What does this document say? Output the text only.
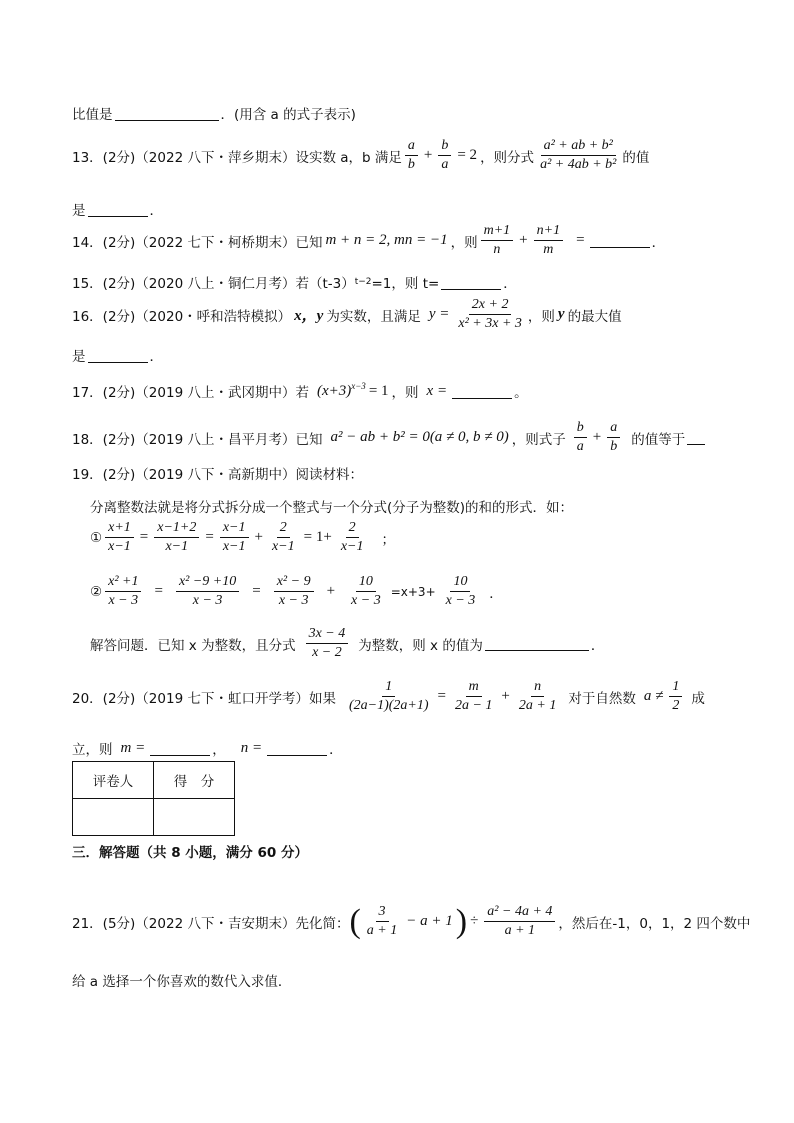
比值是	．(用含 a 的式子表示)
13．(2分)（2022 八下・萍乡期末）设实数 a，b 满足 $\frac{a}{b} + \frac{b}{a} = 2$ ，则分式 $\frac{\text{a² + ab + b²}}{\text{a² + 4ab + b²}}$ 的值
是	．
14．(2分)（2022 七下・柯桥期末）已知 m + n = 2, mn = −1 ，则 $\frac{m+1}{n} + \frac{n+1}{m}$ =	．
15．(2分)（2020 八上・铜仁月考）若（t-3） t−2 =1，则 t=	．
16．(2分)（2020・呼和浩特模拟） x，y 为实数，且满足 $y = \frac{2x + 2}{\text{x² + 3x + 3}}$ ，则 y 的最大值
是	．
17．(2分)（2019 八上・武冈期中）若 (x+3) x−3 = 1 ，则 x =	。
18．(2分)（2019 八上・昌平月考）已知 a² − ab + b² = 0(a ≠ 0, b ≠ 0) ，则式子 $\frac{b}{a} + \frac{a}{b}$ 的值等于
19．(2分)（2019 八下・高新期中）阅读材料：
分离整数法就是将分式拆分成一个整式与一个分式(分子为整数)的和的形式．如：
① $\frac{x+1}{x-1} = \frac{x-1+2}{x-1} = \frac{x-1}{x-1} + \frac{2}{x-1} = 1+ \frac{2}{x-1}$ ；
② $\frac{\text{x² +1}}{x - 3} = \frac{\text{x² −9 +10}}{x - 3} = \frac{\text{x² − 9}}{x - 3} + \frac{10}{x - 3} =x+3+ \frac{10}{x - 3}$ ．
解答问题．已知 x 为整数，且分式 $\frac{3x - 4}{x - 2}$ 为整数，则 x 的值为	．
20．(2分)（2019 七下・虹口开学考）如果 $\frac{1}{(2a-1)(2a+1)} = \frac{m}{2a - 1} + \frac{n}{2a + 1}$ 对于自然数 $a \ne \frac{1}{2}$ 成
立，则 m =	， n =	．
评卷人	得　分

三．解答题（共 8 小题，满分 60 分）
21．(5分)（2022 八下・吉安期末）先化简： ( $\frac{3}{a + 1} - a + 1$ ) ÷ $\frac{\text{a² − 4a + 4}}{a + 1}$ ，然后在-1，0，1，2 四个数中
给 a 选择一个你喜欢的数代入求值．
